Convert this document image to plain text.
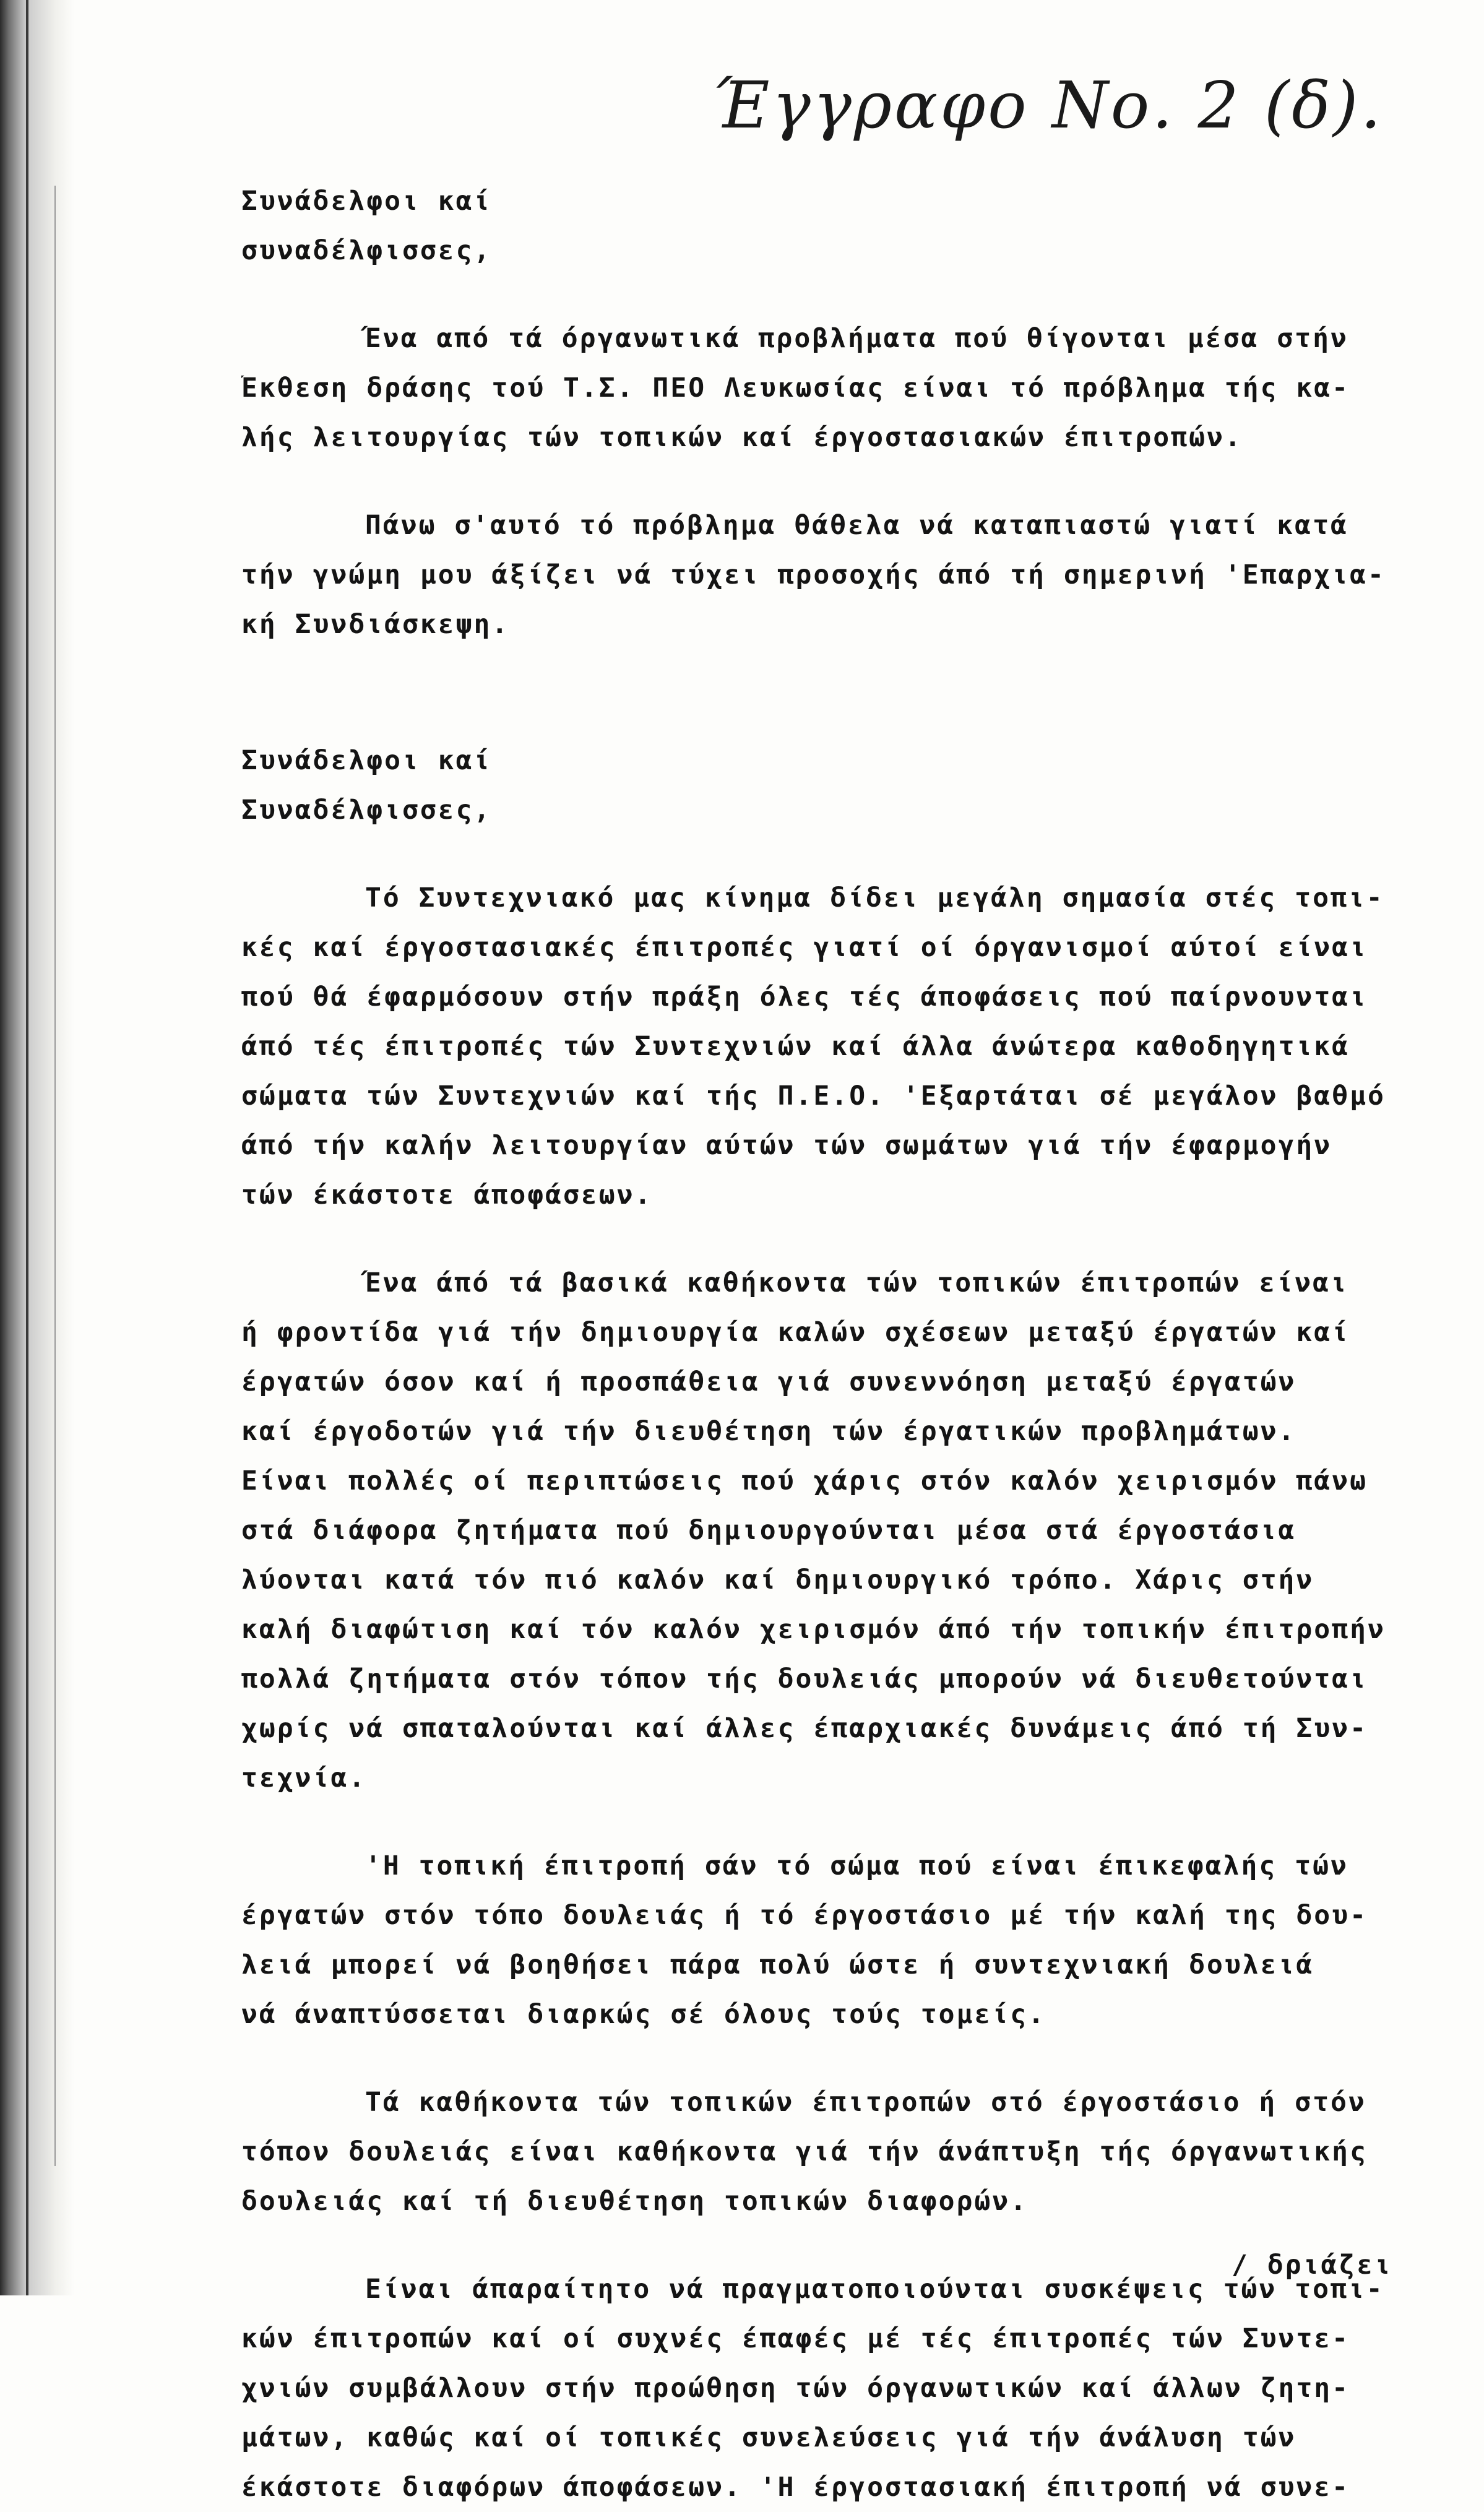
Έγγραφο Νο. 2 (δ).
Συνάδελφοι καί
συναδέλφισσες,
Ένα από τά όργανωτικά προβλήματα πού θίγονται μέσα στήν
Έκθεση δράσης τού Τ.Σ. ΠΕΟ Λευκωσίας είναι τό πρόβλημα τής κα-
λής λειτουργίας τών τοπικών καί έργοστασιακών έπιτροπών.
Πάνω σ'αυτό τό πρόβλημα θάθελα νά καταπιαστώ γιατί κατά
τήν γνώμη μου άξίζει νά τύχει προσοχής άπό τή σημερινή 'Επαρχια-
κή Συνδιάσκεψη.
Συνάδελφοι καί
Συναδέλφισσες,
Τό Συντεχνιακό μας κίνημα δίδει μεγάλη σημασία στές τοπι-
κές καί έργοστασιακές έπιτροπές γιατί οί όργανισμοί αύτοί είναι
πού θά έφαρμόσουν στήν πράξη όλες τές άποφάσεις πού παίρνουνται
άπό τές έπιτροπές τών Συντεχνιών καί άλλα άνώτερα καθοδηγητικά
σώματα τών Συντεχνιών καί τής Π.Ε.Ο. 'Εξαρτάται σέ μεγάλον βαθμό
άπό τήν καλήν λειτουργίαν αύτών τών σωμάτων γιά τήν έφαρμογήν
τών έκάστοτε άποφάσεων.
Ένα άπό τά βασικά καθήκοντα τών τοπικών έπιτροπών είναι
ή φροντίδα γιά τήν δημιουργία καλών σχέσεων μεταξύ έργατών καί
έργατών όσον καί ή προσπάθεια γιά συνεννόηση μεταξύ έργατών
καί έργοδοτών γιά τήν διευθέτηση τών έργατικών προβλημάτων.
Είναι πολλές οί περιπτώσεις πού χάρις στόν καλόν χειρισμόν πάνω
στά διάφορα ζητήματα πού δημιουργούνται μέσα στά έργοστάσια
λύονται κατά τόν πιό καλόν καί δημιουργικό τρόπο. Χάρις στήν
καλή διαφώτιση καί τόν καλόν χειρισμόν άπό τήν τοπικήν έπιτροπήν
πολλά ζητήματα στόν τόπον τής δουλειάς μπορούν νά διευθετούνται
χωρίς νά σπαταλούνται καί άλλες έπαρχιακές δυνάμεις άπό τή Συν-
τεχνία.
'Η τοπική έπιτροπή σάν τό σώμα πού είναι έπικεφαλής τών
έργατών στόν τόπο δουλειάς ή τό έργοστάσιο μέ τήν καλή της δου-
λειά μπορεί νά βοηθήσει πάρα πολύ ώστε ή συντεχνιακή δουλειά
νά άναπτύσσεται διαρκώς σέ όλους τούς τομείς.
Τά καθήκοντα τών τοπικών έπιτροπών στό έργοστάσιο ή στόν
τόπον δουλειάς είναι καθήκοντα γιά τήν άνάπτυξη τής όργανωτικής
δουλειάς καί τή διευθέτηση τοπικών διαφορών.
Είναι άπαραίτητο νά πραγματοποιούνται συσκέψεις τών τοπι-
κών έπιτροπών καί οί συχνές έπαφές μέ τές έπιτροπές τών Συντε-
χνιών συμβάλλουν στήν προώθηση τών όργανωτικών καί άλλων ζητη-
μάτων, καθώς καί οί τοπικές συνελεύσεις γιά τήν άνάλυση τών
έκάστοτε διαφόρων άποφάσεων. 'Η έργοστασιακή έπιτροπή νά συνε-
/ δριάζει
